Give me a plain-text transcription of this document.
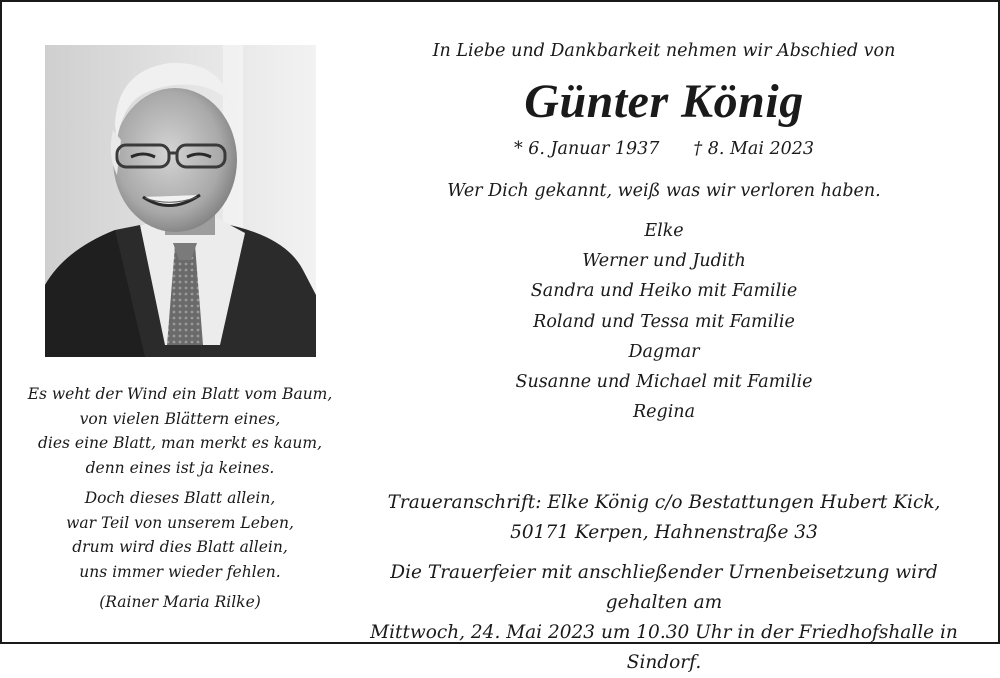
Es weht der Wind ein Blatt vom Baum,
von vielen Blättern eines,
dies eine Blatt, man merkt es kaum,
denn eines ist ja keines.
Doch dieses Blatt allein,
war Teil von unserem Leben,
drum wird dies Blatt allein,
uns immer wieder fehlen.
(Rainer Maria Rilke)

In Liebe und Dankbarkeit nehmen wir Abschied von

Günter König

* 6. Januar 1937 † 8. Mai 2023

Wer Dich gekannt, weiß was wir verloren haben.

Elke
Werner und Judith
Sandra und Heiko mit Familie
Roland und Tessa mit Familie
Dagmar
Susanne und Michael mit Familie
Regina
Traueranschrift: Elke König c/o Bestattungen Hubert Kick,
50171 Kerpen, Hahnenstraße 33
Die Trauerfeier mit anschließender Urnenbeisetzung wird gehalten am
Mittwoch, 24. Mai 2023 um 10.30 Uhr in der Friedhofshalle in Sindorf.
